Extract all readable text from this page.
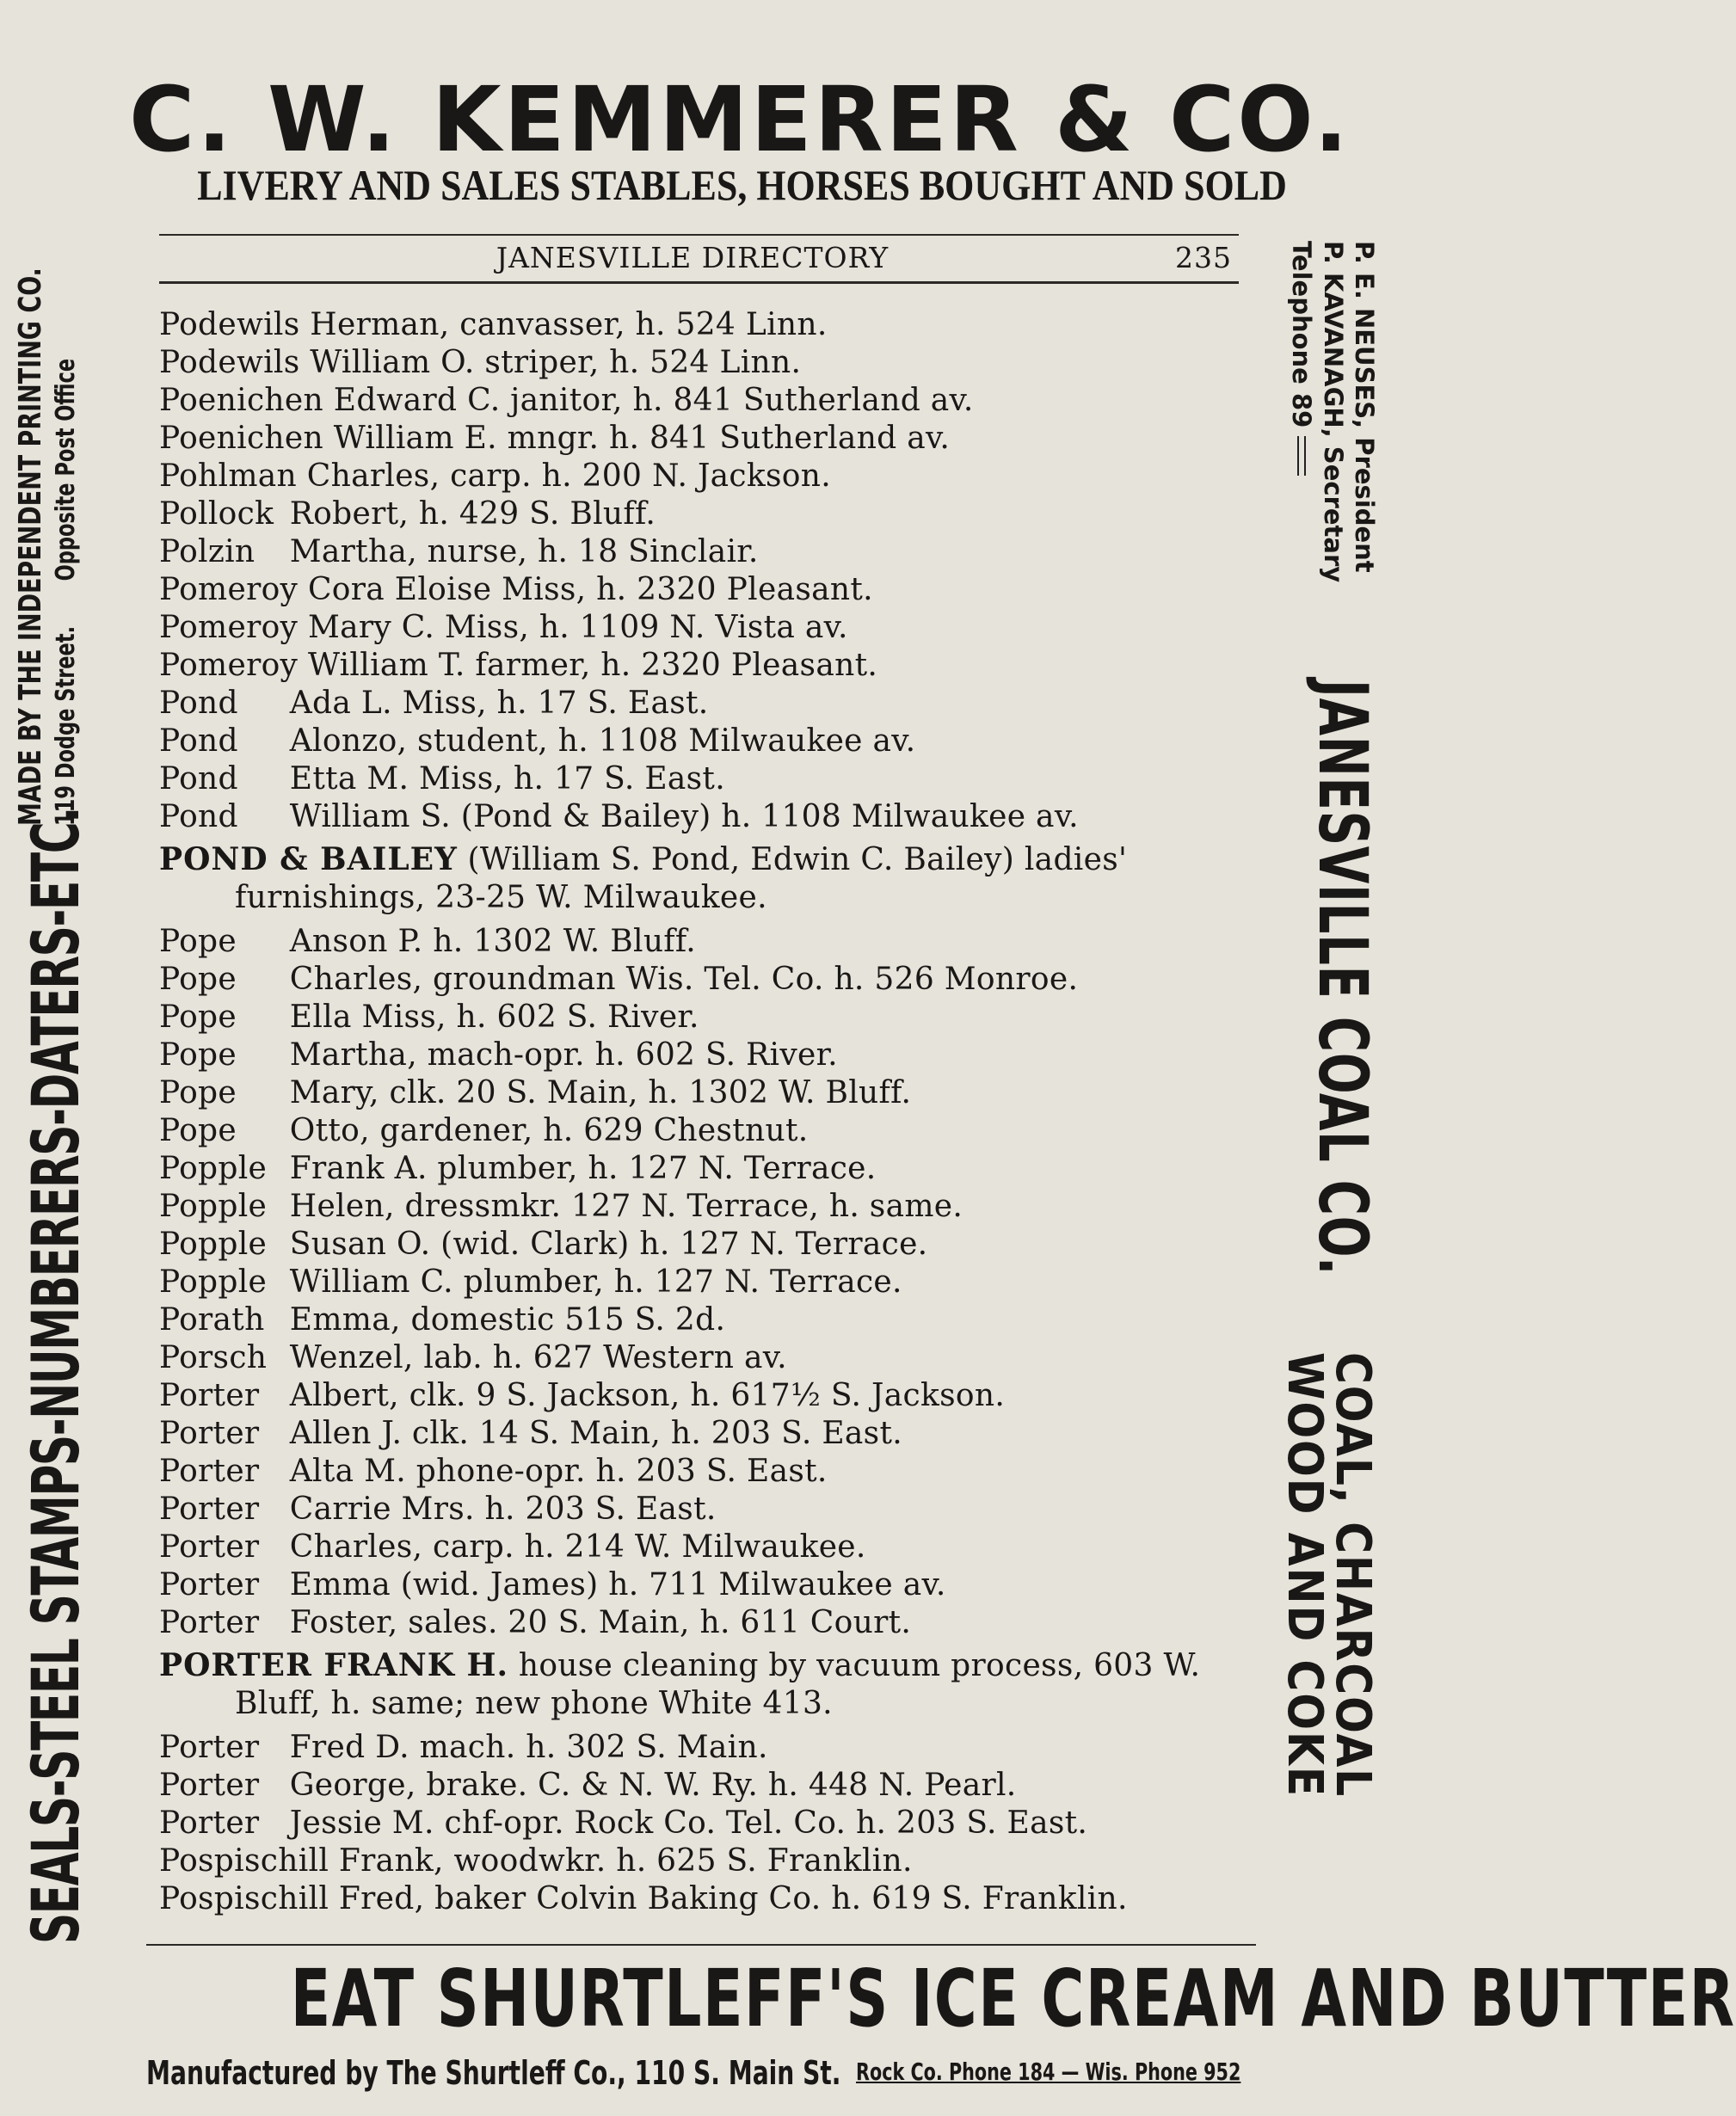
C. W. KEMMERER & CO.
LIVERY AND SALES STABLES, HORSES BOUGHT AND SOLD
JANESVILLE DIRECTORY	235
Podewils Herman, canvasser, h. 524 Linn.
Podewils William O. striper, h. 524 Linn.
Poenichen Edward C. janitor, h. 841 Sutherland av.
Poenichen William E. mngr. h. 841 Sutherland av.
Pohlman Charles, carp. h. 200 N. Jackson.
Pollock Robert, h. 429 S. Bluff.
Polzin Martha, nurse, h. 18 Sinclair.
Pomeroy Cora Eloise Miss, h. 2320 Pleasant.
Pomeroy Mary C. Miss, h. 1109 N. Vista av.
Pomeroy William T. farmer, h. 2320 Pleasant.
Pond Ada L. Miss, h. 17 S. East.
Pond Alonzo, student, h. 1108 Milwaukee av.
Pond Etta M. Miss, h. 17 S. East.
Pond William S. (Pond & Bailey) h. 1108 Milwaukee av.
POND & BAILEY (William S. Pond, Edwin C. Bailey) ladies' furnishings, 23-25 W. Milwaukee.
Pope Anson P. h. 1302 W. Bluff.
Pope Charles, groundman Wis. Tel. Co. h. 526 Monroe.
Pope Ella Miss, h. 602 S. River.
Pope Martha, mach-opr. h. 602 S. River.
Pope Mary, clk. 20 S. Main, h. 1302 W. Bluff.
Pope Otto, gardener, h. 629 Chestnut.
Popple Frank A. plumber, h. 127 N. Terrace.
Popple Helen, dressmkr. 127 N. Terrace, h. same.
Popple Susan O. (wid. Clark) h. 127 N. Terrace.
Popple William C. plumber, h. 127 N. Terrace.
Porath Emma, domestic 515 S. 2d.
Porsch Wenzel, lab. h. 627 Western av.
Porter Albert, clk. 9 S. Jackson, h. 617½ S. Jackson.
Porter Allen J. clk. 14 S. Main, h. 203 S. East.
Porter Alta M. phone-opr. h. 203 S. East.
Porter Carrie Mrs. h. 203 S. East.
Porter Charles, carp. h. 214 W. Milwaukee.
Porter Emma (wid. James) h. 711 Milwaukee av.
Porter Foster, sales. 20 S. Main, h. 611 Court.
PORTER FRANK H. house cleaning by vacuum process, 603 W. Bluff, h. same; new phone White 413.
Porter Fred D. mach. h. 302 S. Main.
Porter George, brake. C. & N. W. Ry. h. 448 N. Pearl.
Porter Jessie M. chf-opr. Rock Co. Tel. Co. h. 203 S. East.
Pospischill Frank, woodwkr. h. 625 S. Franklin.
Pospischill Fred, baker Colvin Baking Co. h. 619 S. Franklin.
SEALS-STEEL STAMPS-NUMBERERS-DATERS-ETC.
MADE BY THE INDEPENDENT PRINTING CO. 119 Dodge Street.Opposite Post Office	P. E. NEUSES, President
P. KAVANAGH, Secretary
Telephone 89
JANESVILLE COAL CO.
COAL, CHARCOAL
WOOD AND COKE
EAT SHURTLEFF'S ICE CREAM AND BUTTER
Manufactured by The Shurtleff Co., 110 S. Main St. Rock Co. Phone 184 — Wis. Phone 952
